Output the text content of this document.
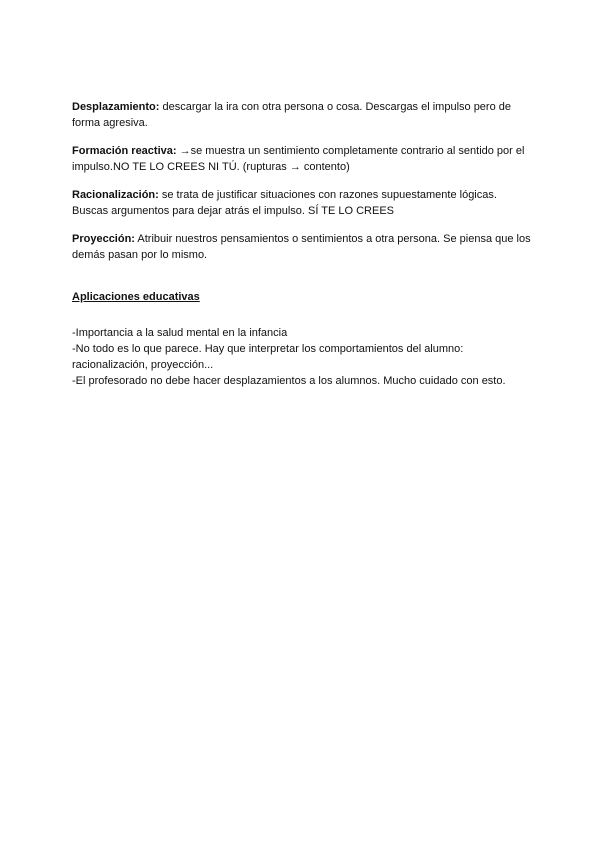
Desplazamiento: descargar la ira con otra persona o cosa. Descargas el impulso pero de forma agresiva.

Formación reactiva: →se muestra un sentimiento completamente contrario al sentido por el impulso.NO TE LO CREES NI TÚ. (rupturas → contento)

Racionalización: se trata de justificar situaciones con razones supuestamente lógicas. Buscas argumentos para dejar atrás el impulso. SÍ TE LO CREES

Proyección: Atribuir nuestros pensamientos o sentimientos a otra persona. Se piensa que los demás pasan por lo mismo.

Aplicaciones educativas

-Importancia a la salud mental en la infancia

-No todo es lo que parece. Hay que interpretar los comportamientos del alumno: racionalización, proyección...

-El profesorado no debe hacer desplazamientos a los alumnos. Mucho cuidado con esto.
